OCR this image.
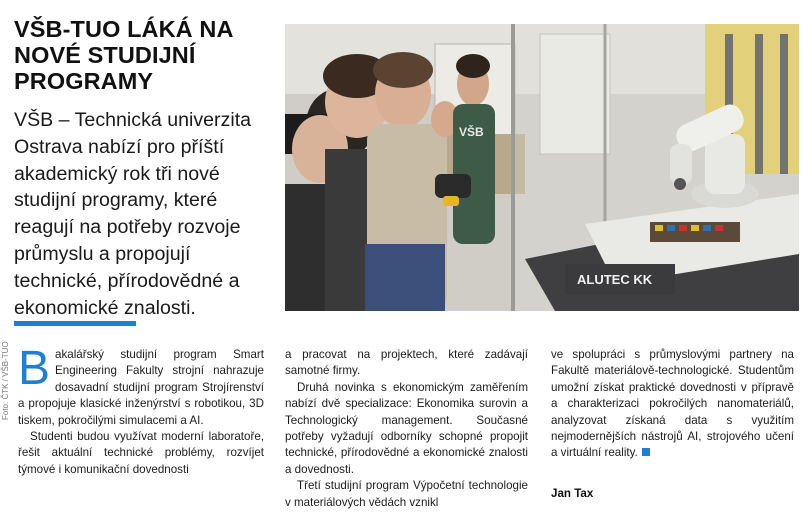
VŠB-TUO LÁKÁ NA NOVÉ STUDIJNÍ PROGRAMY

VŠB – Technická univerzita Ostrava nabízí pro příští akademický rok tři nové studijní programy, které reagují na potřeby rozvoje průmyslu a propojují technické, přírodovědné a ekonomické znalosti.

ALUTEC KK
VŠB
Foto: ČTK / VŠB-TUO Bakalářský studijní program Smart Engineering Fakulty strojní nahrazuje dosavadní studijní program Strojírenství a propojuje klasické inženýrství s robotikou, 3D tiskem, pokročilými simulacemi a AI.

Studenti budou využívat moderní laboratoře, řešit aktuální technické problémy, rozvíjet týmové i komunikační dovednosti

a pracovat na projektech, které zadávají samotné firmy.

Druhá novinka s ekonomickým zaměřením nabízí dvě specializace: Ekonomika surovin a Technologický management. Současné potřeby vyžadují odborníky schopné propojit technické, přírodovědné a ekonomické znalosti a dovednosti.

Třetí studijní program Výpočetní technologie v materiálových vědách vznikl

ve spolupráci s průmyslovými partnery na Fakultě materiálově-technologické. Studentům umožní získat praktické dovednosti v přípravě a charakterizaci pokročilých nanomateriálů, analyzovat získaná data s využitím nejmodernějších nástrojů AI, strojového učení a virtuální reality.

Jan Tax
